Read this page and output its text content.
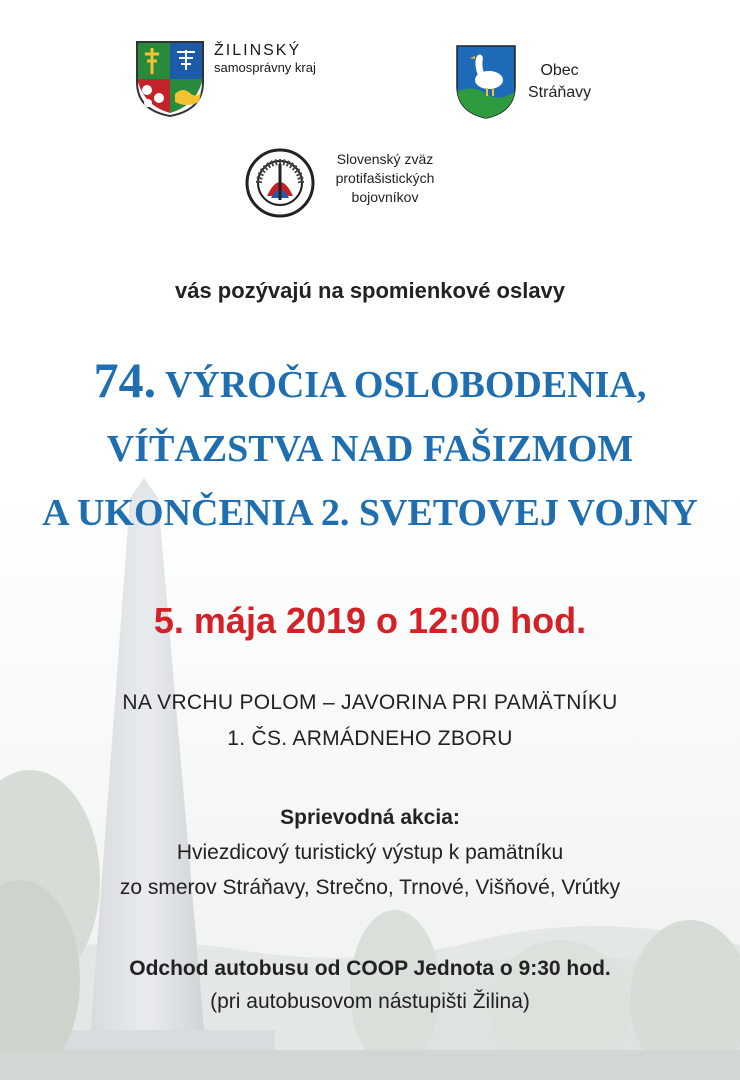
ŽILINSKÝ
samosprávny kraj	Obec
Stráňavy
Slovenský zväz
protifašistických
bojovníkov
vás pozývajú na spomienkové oslavy
74. VÝROČIA OSLOBODENIA,
VÍŤAZSTVA NAD FAŠIZMOM
A UKONČENIA 2. SVETOVEJ VOJNY
5. mája 2019 o 12:00 hod.
NA VRCHU POLOM – JAVORINA PRI PAMÄTNÍKU
1. ČS. ARMÁDNEHO ZBORU
Sprievodná akcia:
Hviezdicový turistický výstup k pamätníku
zo smerov Stráňavy, Strečno, Trnové, Višňové, Vrútky
Odchod autobusu od COOP Jednota o 9:30 hod.
(pri autobusovom nástupišti Žilina)
